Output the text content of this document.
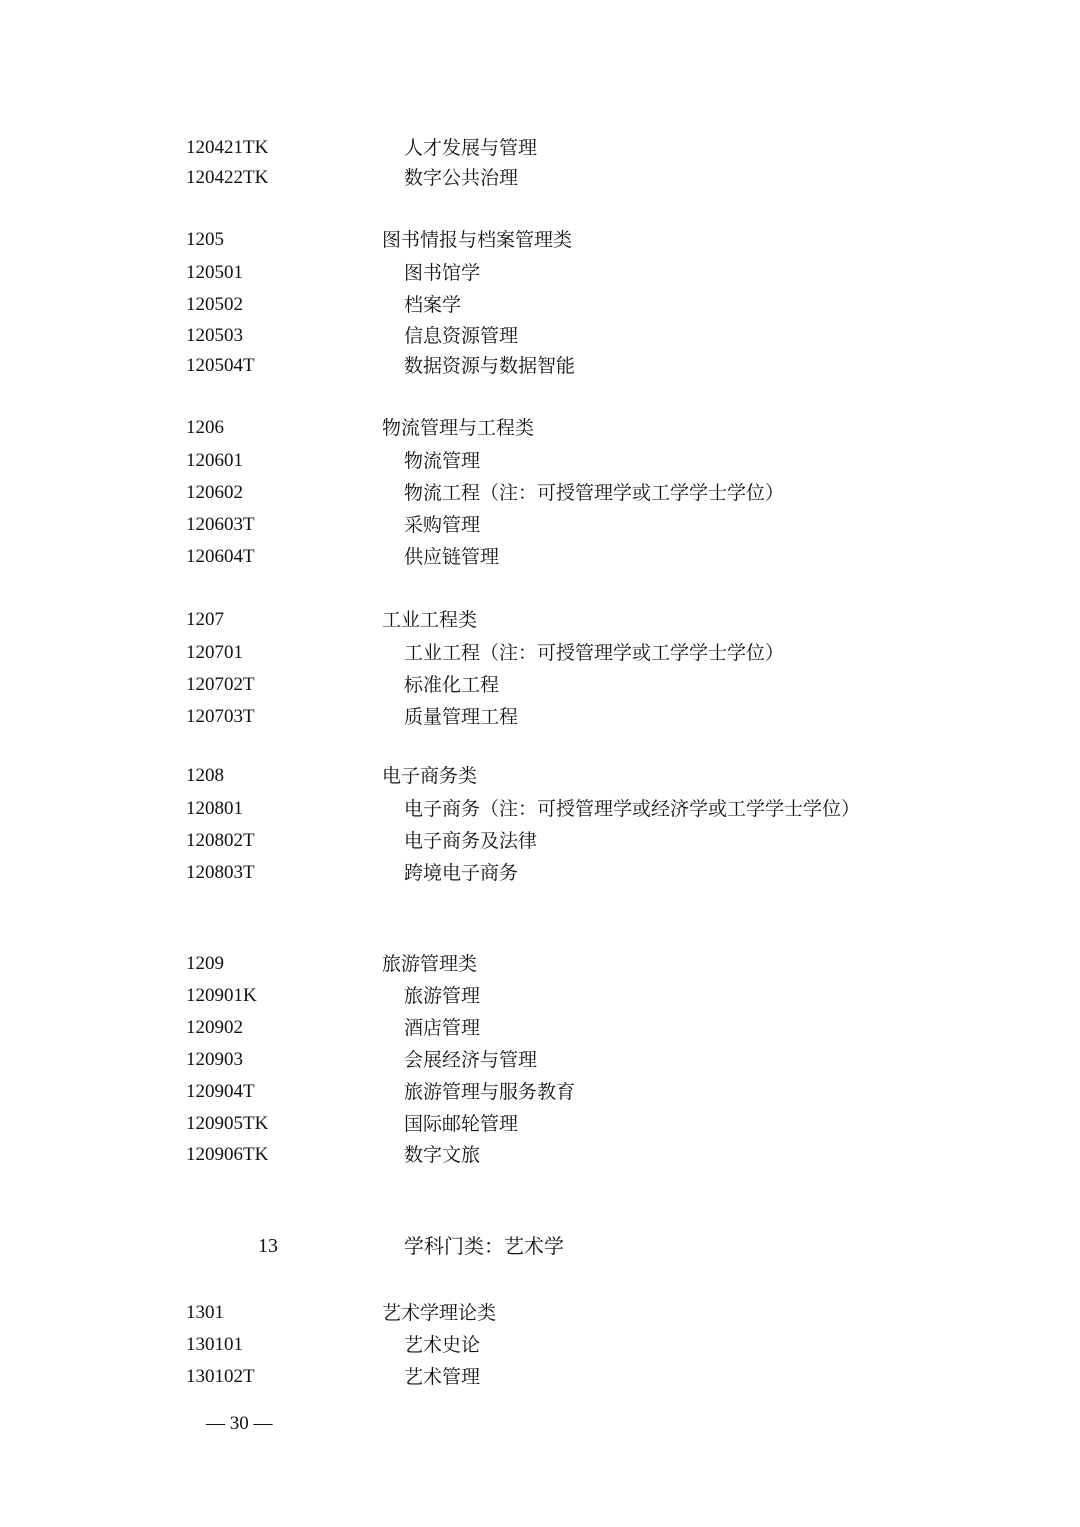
120421TK	人才发展与管理
120422TK	数字公共治理
1205	图书情报与档案管理类
120501	图书馆学
120502	档案学
120503	信息资源管理
120504T	数据资源与数据智能
1206	物流管理与工程类
120601	物流管理
120602	物流工程（注：可授管理学或工学学士学位）
120603T	采购管理
120604T	供应链管理
1207	工业工程类
120701	工业工程（注：可授管理学或工学学士学位）
120702T	标准化工程
120703T	质量管理工程
1208	电子商务类
120801	电子商务（注：可授管理学或经济学或工学学士学位）
120802T	电子商务及法律
120803T	跨境电子商务
1209	旅游管理类
120901K	旅游管理
120902	酒店管理
120903	会展经济与管理
120904T	旅游管理与服务教育
120905TK	国际邮轮管理
120906TK	数字文旅
13	学科门类：艺术学
1301	艺术学理论类
130101	艺术史论
130102T	艺术管理
— 30 —
